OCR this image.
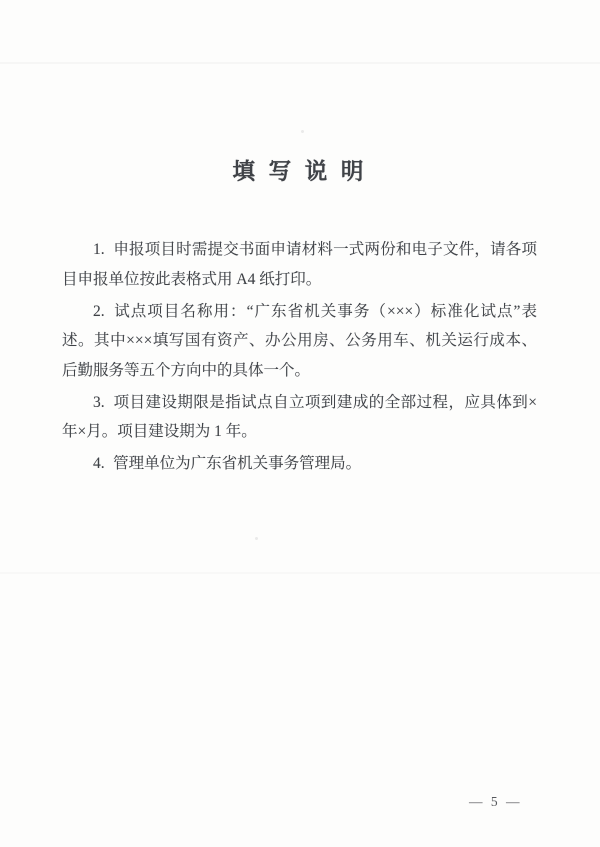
填 写 说 明

1. 申报项目时需提交书面申请材料一式两份和电子文件，请各项目申报单位按此表格式用 A4 纸打印。

2. 试点项目名称用：“广东省机关事务（×××）标准化试点”表述。其中×××填写国有资产、办公用房、公务用车、机关运行成本、后勤服务等五个方向中的具体一个。

3. 项目建设期限是指试点自立项到建成的全部过程，应具体到×年×月。项目建设期为 1 年。

4. 管理单位为广东省机关事务管理局。

— 5 —
